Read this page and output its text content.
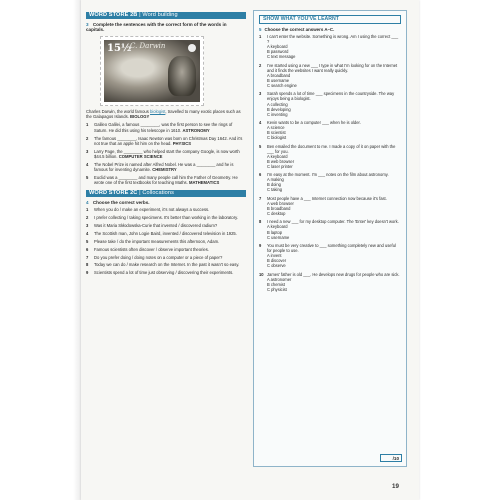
WORD STORE 2B | Word building
3 Complete the sentences with the correct form of the words in capitals.
15½
C. Darwin
Charles Darwin, the world famous biologist, travelled to many exotic places such as the Galapagos Islands. BIOLOGY
1 Galileo Galilei, a famous ________, was the first person to see the rings of Saturn. He did this using his telescope in 1610. ASTRONOMY
2 The famous ________, Isaac Newton was born on Christmas Day 1642. And it's not true that an apple hit him on the head. PHYSICS
3 Larry Page, the ________ who helped start the company Google, is now worth $44.5 billion. COMPUTER SCIENCE
4 The Nobel Prize is named after Alfred Nobel. He was a ________ and he is famous for inventing dynamite. CHEMISTRY
5 Euclid was a ________ and many people call him the Father of Geometry. He wrote one of the first textbooks for teaching Maths. MATHEMATICS
WORD STORE 2C | Collocations
4 Choose the correct verbs.
1 When you do / make an experiment, it's not always a success.
2 I prefer collecting / taking specimens. It's better than working in the laboratory.
3 Was it Maria Skłodowska-Curie that invented / discovered radium?
4 The Scottish man, John Logie Baird, invented / discovered television in 1925.
5 Please take / do the important measurements this afternoon, Adam.
6 Famous scientists often discover / observe important theories.
7 Do you prefer doing / doing notes on a computer or a piece of paper?
8 Today we can do / make research on the Internet. In the past it wasn't so easy.
9 Scientists spend a lot of time just observing / discovering their experiments.
SHOW WHAT YOU'VE LEARNT
5 Choose the correct answers A–C.
1 I can't enter the website. Something is wrong. Am I using the correct ___ ?
A keyboard
B password
C text message
2 I've started using a new ___ I type in what I'm looking for on the Internet and it finds the websites I want really quickly.
A broadband
B username
C search engine
3 Sarah spends a lot of time ___ specimens in the countryside. The way enjoys being a biologist.
A collecting
B developing
C inventing
4 Kevin wants to be a computer ___ when he is older.
A science
B scientist
C biologist
5 Ben emailed the document to me. I made a copy of it on paper with the ___ for you.
A keyboard
B web browser
C laser printer
6 I'm easy at the moment. I'm ___ notes on the film about astronomy.
A making
B doing
C taking
7 Most people have a ___ Internet connection now because it's fast.
A web browser
B broadband
C desktop
8 I need a new ___ for my desktop computer. The 'Enter' key doesn't work.
A keyboard
B laptop
C username
9 You must be very creative to ___ something completely new and useful for people to use.
A invent
B discover
C observe
10 James' father is old ___. He develops new drugs for people who are sick.
A astronomer
B chemist
C physicist
/10
19
